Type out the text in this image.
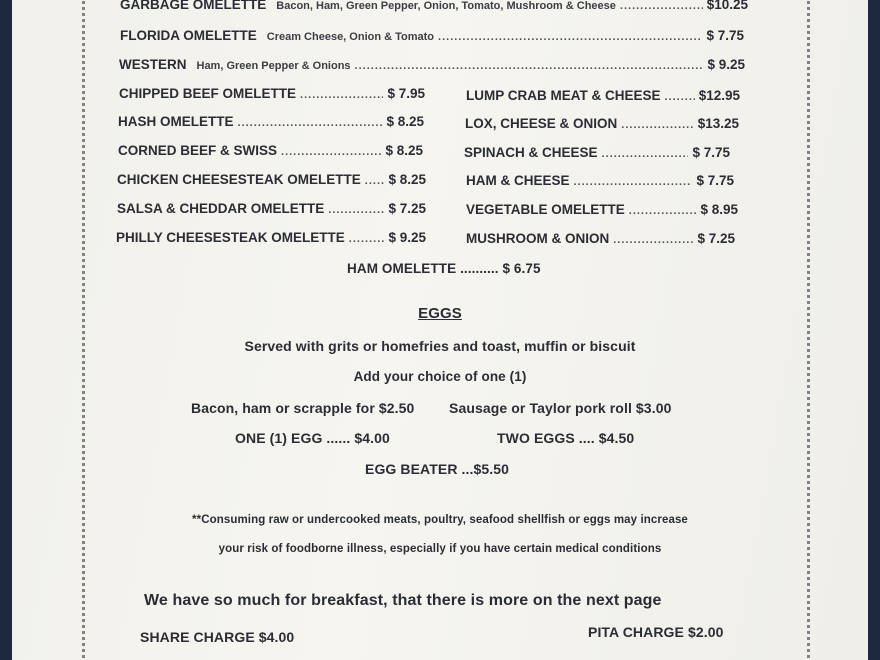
GARBAGE OMELETTE Bacon, Ham, Green Pepper, Onion, Tomato, Mushroom & Cheese .....	$10.25
FLORIDA OMELETTE Cream Cheese, Onion & Tomato .....	$ 7.75
WESTERN Ham, Green Pepper & Onions .....	$ 9.25
CHIPPED BEEF OMELETTE .....	$ 7.95
HASH OMELETTE .....	$ 8.25
CORNED BEEF & SWISS .....	$ 8.25
CHICKEN CHEESESTEAK OMELETTE ..... $ 8.25
SALSA & CHEDDAR OMELETTE .....	$ 7.25
PHILLY CHEESESTEAK OMELETTE .....	$ 9.25
LUMP CRAB MEAT & CHEESE .....	$12.95
LOX, CHEESE & ONION .....	$13.25
SPINACH & CHEESE .....	$ 7.75
HAM & CHEESE .....	$ 7.75
VEGETABLE OMELETTE .....	$ 8.95
MUSHROOM & ONION .....	$ 7.25
HAM OMELETTE .......... $ 6.75
EGGS
Served with grits or homefries and toast, muffin or biscuit
Add your choice of one (1)
Bacon, ham or scrapple for $2.50 Sausage or Taylor pork roll $3.00
ONE (1) EGG ...... $4.00	TWO EGGS .... $4.50
EGG BEATER ...$5.50
**Consuming raw or undercooked meats, poultry, seafood shellfish or eggs may increase
your risk of foodborne illness, especially if you have certain medical conditions
We have so much for breakfast, that there is more on the next page
SHARE CHARGE $4.00	PITA CHARGE $2.00
